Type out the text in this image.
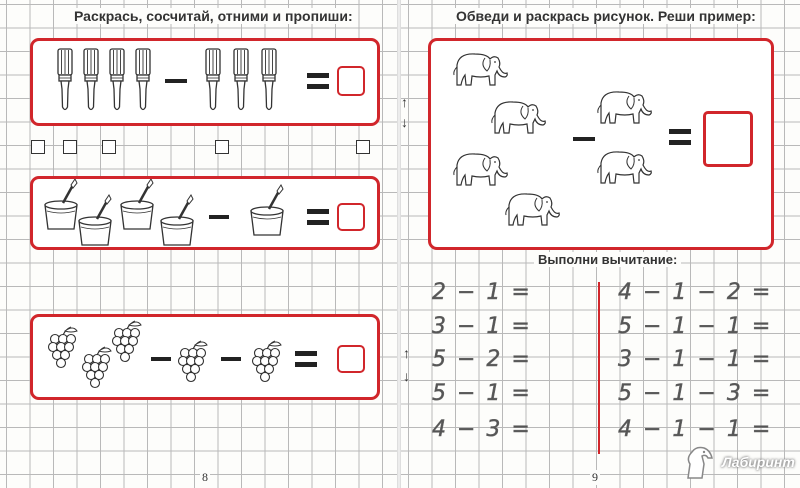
Раскрась, сосчитай, отними и пропиши:
↑
↓
↑
↓
8
Обведи и раскрась рисунок. Реши пример:
Выполни вычитание:
2 − 1 =
3 − 1 =
5 − 2 =
5 − 1 =
4 − 3 =
4 − 1 − 2 =
5 − 1 − 1 =
3 − 1 − 1 =
5 − 1 − 3 =
4 − 1 − 1 =
9
Лабиринт
